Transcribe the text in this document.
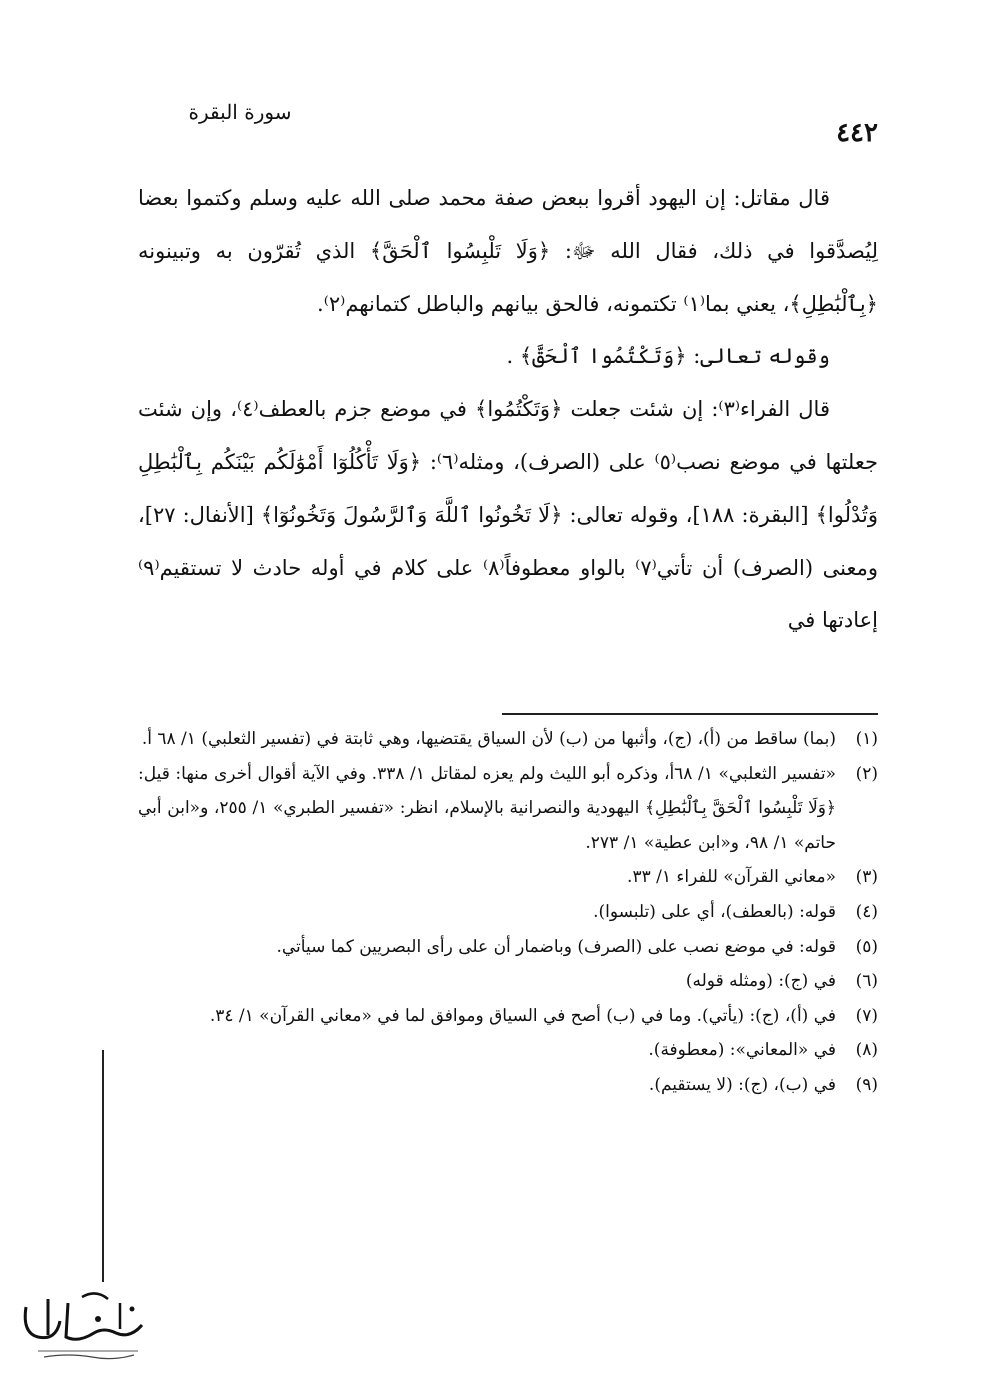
سورة البقرة
٤٤٢

قال مقاتل: إن اليهود أقروا ببعض صفة محمد صلى الله عليه وسلم وكتموا بعضا لِيُصدَّقوا في ذلك، فقال الله ﷻ: ﴿وَلَا تَلْبِسُوا ٱلْحَقَّ﴾ الذي تُقرّون به وتبينونه ﴿بِٱلْبَٰطِلِ﴾، يعني بما⁽١⁾ تكتمونه، فالحق بيانهم والباطل كتمانهم⁽٢⁾.

وقوله تعالى: ﴿وَتَكْتُمُوا ٱلْحَقَّ﴾ .

قال الفراء⁽٣⁾: إن شئت جعلت ﴿وَتَكْتُمُوا﴾ في موضع جزم بالعطف⁽٤⁾، وإن شئت جعلتها في موضع نصب⁽٥⁾ على (الصرف)، ومثله⁽٦⁾: ﴿وَلَا تَأْكُلُوٓا أَمْوَٰلَكُم بَيْنَكُم بِٱلْبَٰطِلِ وَتُدْلُوا﴾ [البقرة: ١٨٨]، وقوله تعالى: ﴿لَا تَخُونُوا ٱللَّهَ وَٱلرَّسُولَ وَتَخُونُوٓا﴾ [الأنفال: ٢٧]، ومعنى (الصرف) أن تأتي⁽٧⁾ بالواو معطوفاً⁽٨⁾ على كلام في أوله حادث لا تستقيم⁽٩⁾ إعادتها في

(١)
(بما) ساقط من (أ)، (ج)، وأثبها من (ب) لأن السياق يقتضيها، وهي ثابتة في (تفسير الثعلبي) ١/ ٦٨ أ.
(٢)
«تفسير الثعلبي» ١/ ٦٨أ، وذكره أبو الليث ولم يعزه لمقاتل ١/ ٣٣٨. وفي الآية أقوال أخرى منها: قيل: ﴿وَلَا تَلْبِسُوا ٱلْحَقَّ بِٱلْبَٰطِلِ﴾ اليهودية والنصرانية بالإسلام، انظر: «تفسير الطبري» ١/ ٢٥٥، و«ابن أبي حاتم» ١/ ٩٨، و«ابن عطية» ١/ ٢٧٣.
(٣)
«معاني القرآن» للفراء ١/ ٣٣.
(٤)
قوله: (بالعطف)، أي على (تلبسوا).
(٥)
قوله: في موضع نصب على (الصرف) وباضمار أن على رأى البصريين كما سيأتي.
(٦)
في (ج): (ومثله قوله)
(٧)
في (أ)، (ج): (يأتي). وما في (ب) أصح في السياق وموافق لما في «معاني القرآن» ١/ ٣٤.
(٨)
في «المعاني»: (معطوفة).
(٩)
في (ب)، (ج): (لا يستقيم).
